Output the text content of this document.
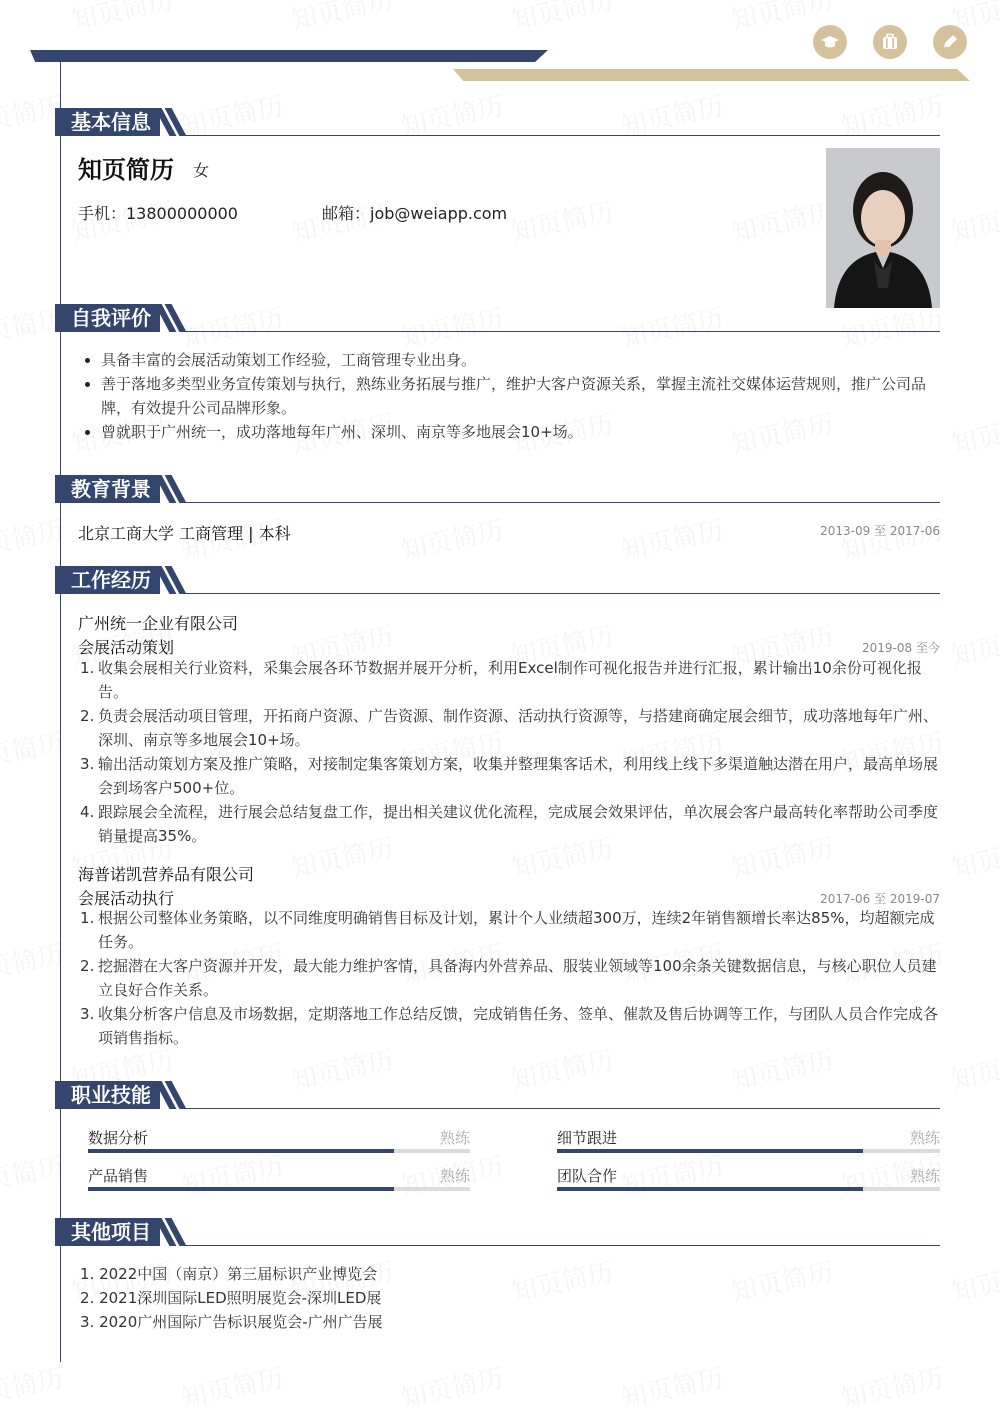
基本信息
知页简历 女
手机：13800000000	邮箱：job@weiapp.com
自我评价
具备丰富的会展活动策划工作经验，工商管理专业出身。
善于落地多类型业务宣传策划与执行，熟练业务拓展与推广，维护大客户资源关系，掌握主流社交媒体运营规则，推广公司品牌，有效提升公司品牌形象。
曾就职于广州统一，成功落地每年广州、深圳、南京等多地展会10+场。
教育背景
北京工商大学 工商管理 | 本科	2013-09 至 2017-06
工作经历
广州统一企业有限公司
会展活动策划	2019-08 至今
1. 收集会展相关行业资料，采集会展各环节数据并展开分析，利用Excel制作可视化报告并进行汇报，累计输出10余份可视化报告。
2. 负责会展活动项目管理，开拓商户资源、广告资源、制作资源、活动执行资源等，与搭建商确定展会细节，成功落地每年广州、深圳、南京等多地展会10+场。
3. 输出活动策划方案及推广策略，对接制定集客策划方案，收集并整理集客话术，利用线上线下多渠道触达潜在用户，最高单场展会到场客户500+位。
4. 跟踪展会全流程，进行展会总结复盘工作，提出相关建议优化流程，完成展会效果评估，单次展会客户最高转化率帮助公司季度销量提高35%。
海普诺凯营养品有限公司
会展活动执行	2017-06 至 2019-07
1. 根据公司整体业务策略，以不同维度明确销售目标及计划，累计个人业绩超300万，连续2年销售额增长率达85%，均超额完成任务。
2. 挖掘潜在大客户资源并开发，最大能力维护客情，具备海内外营养品、服装业领域等100余条关键数据信息，与核心职位人员建立良好合作关系。
3. 收集分析客户信息及市场数据，定期落地工作总结反馈，完成销售任务、签单、催款及售后协调等工作，与团队人员合作完成各项销售指标。
职业技能
数据分析	熟练	细节跟进	熟练
产品销售	熟练	团队合作	熟练
其他项目
1. 2022中国（南京）第三届标识产业博览会
2. 2021深圳国际LED照明展览会-深圳LED展
3. 2020广州国际广告标识展览会-广州广告展
